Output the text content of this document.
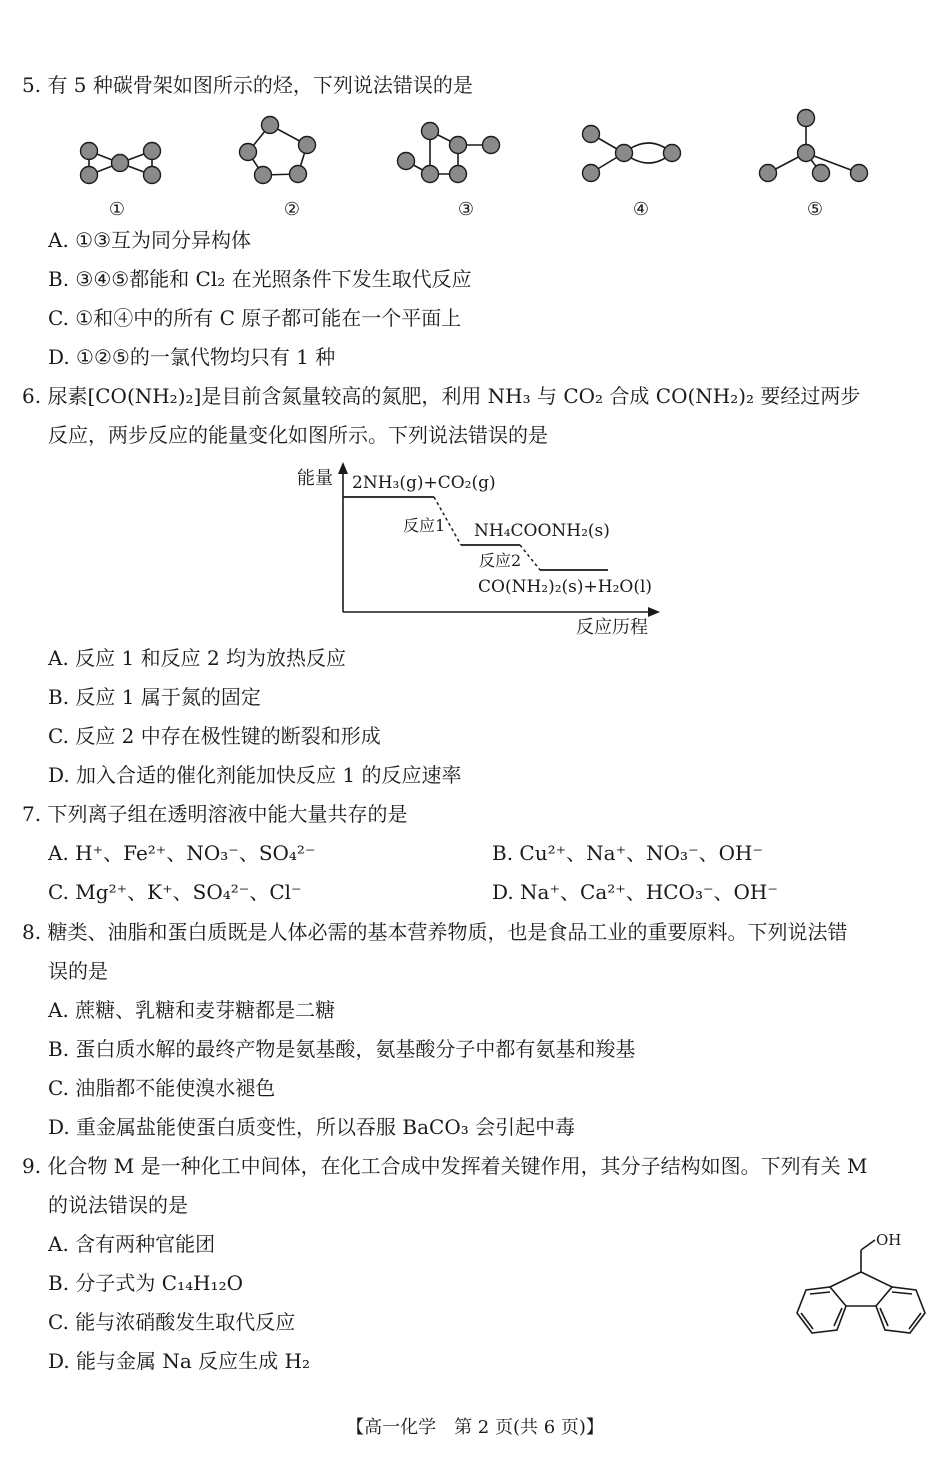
5. 有 5 种碳骨架如图所示的烃，下列说法错误的是
①	②	③	④	⑤
能量
反应历程
2NH₃(g)+CO₂(g)
NH₄COONH₂(s)
CO(NH₂)₂(s)+H₂O(l)
反应1
反应2
OH
A. ①③互为同分异构体
B. ③④⑤都能和 Cl₂ 在光照条件下发生取代反应
C. ①和④中的所有 C 原子都可能在一个平面上
D. ①②⑤的一氯代物均只有 1 种
6. 尿素[CO(NH₂)₂]是目前含氮量较高的氮肥，利用 NH₃ 与 CO₂ 合成 CO(NH₂)₂ 要经过两步
反应，两步反应的能量变化如图所示。下列说法错误的是
A. 反应 1 和反应 2 均为放热反应
B. 反应 1 属于氮的固定
C. 反应 2 中存在极性键的断裂和形成
D. 加入合适的催化剂能加快反应 1 的反应速率
7. 下列离子组在透明溶液中能大量共存的是
A. H⁺、Fe²⁺、NO₃⁻、SO₄²⁻	B. Cu²⁺、Na⁺、NO₃⁻、OH⁻
C. Mg²⁺、K⁺、SO₄²⁻、Cl⁻	D. Na⁺、Ca²⁺、HCO₃⁻、OH⁻
8. 糖类、油脂和蛋白质既是人体必需的基本营养物质，也是食品工业的重要原料。下列说法错
误的是
A. 蔗糖、乳糖和麦芽糖都是二糖
B. 蛋白质水解的最终产物是氨基酸，氨基酸分子中都有氨基和羧基
C. 油脂都不能使溴水褪色
D. 重金属盐能使蛋白质变性，所以吞服 BaCO₃ 会引起中毒
9. 化合物 M 是一种化工中间体，在化工合成中发挥着关键作用，其分子结构如图。下列有关 M
的说法错误的是
A. 含有两种官能团
B. 分子式为 C₁₄H₁₂O
C. 能与浓硝酸发生取代反应
D. 能与金属 Na 反应生成 H₂
【高一化学　第 2 页(共 6 页)】
